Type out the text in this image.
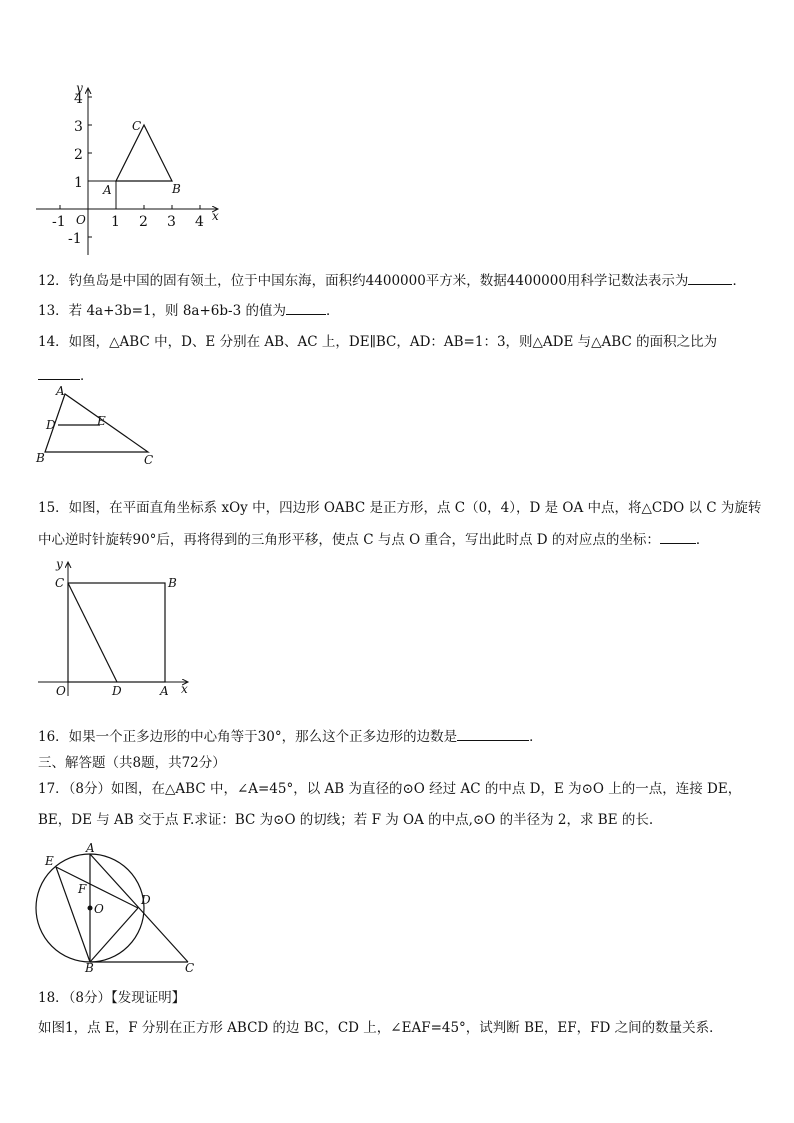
-1	1 2 3 4
-1
1
2
3
4
O	x
y
A	B
C
12．钓鱼岛是中国的固有领土，位于中国东海，面积约4400000平方米，数据4400000用科学记数法表示为	．
13．若 4a+3b=1，则 8a+6b-3 的值为	．
14．如图，△ABC 中，D、E 分别在 AB、AC 上，DE∥BC，AD：AB=1：3，则△ADE 与△ABC 的面积之比为
．
A
D	E
B	C
15．如图，在平面直角坐标系 xOy 中，四边形 OABC 是正方形，点 C（0，4），D 是 OA 中点，将△CDO 以 C 为旋转
中心逆时针旋转90°后，再将得到的三角形平移，使点 C 与点 O 重合，写出此时点 D 的对应点的坐标：	．
y
C	B
O	D	A x
16．如果一个正多边形的中心角等于30°，那么这个正多边形的边数是	．
三、解答题（共8题，共72分）
17．（8分）如图，在△ABC 中，∠A=45°，以 AB 为直径的⊙O 经过 AC 的中点 D，E 为⊙O 上的一点，连接 DE，
BE，DE 与 AB 交于点 F.求证：BC 为⊙O 的切线；若 F 为 OA 的中点,⊙O 的半径为 2，求 BE 的长.
E
A
F
O
D
B	C
18．（8分）【发现证明】
如图1，点 E，F 分别在正方形 ABCD 的边 BC，CD 上，∠EAF=45°，试判断 BE，EF，FD 之间的数量关系．
